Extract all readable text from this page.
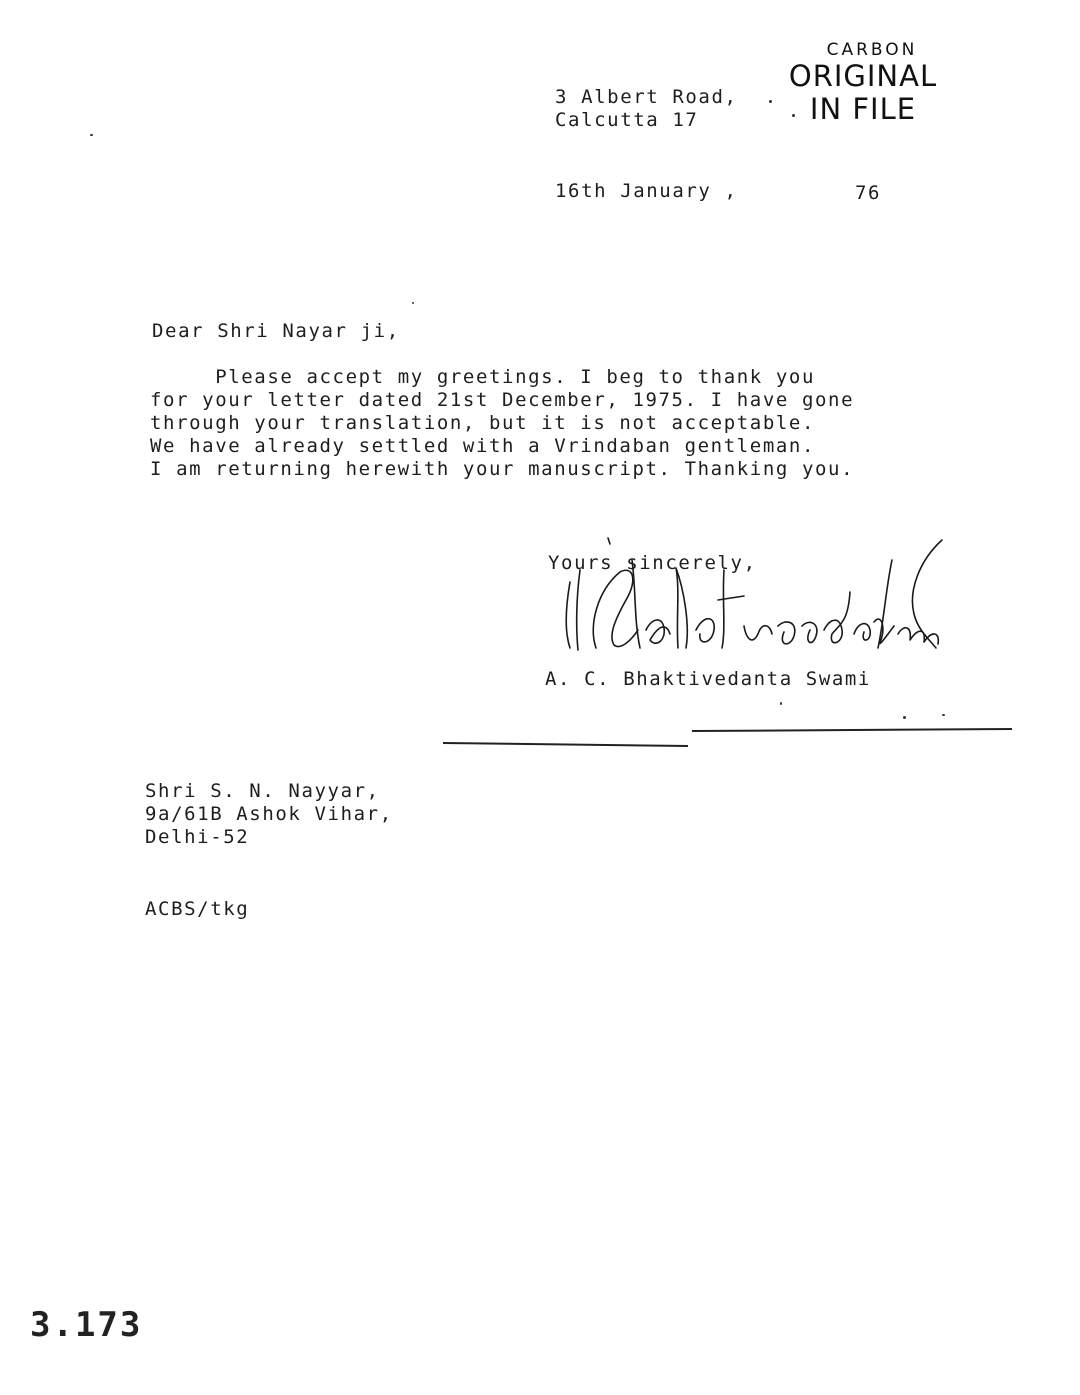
3 Albert Road,
Calcutta 17
CARBON
ORIGINAL
IN FILE
16th January ,	76
Dear Shri Nayar ji,
Please accept my greetings. I beg to thank you
for your letter dated 21st December, 1975. I have gone
through your translation, but it is not acceptable.
We have already settled with a Vrindaban gentleman.
I am returning herewith your manuscript. Thanking you.
Yours sincerely,
A. C. Bhaktivedanta Swami
Shri S. N. Nayyar,
9a/61B Ashok Vihar,
Delhi-52
ACBS/tkg
3.173
